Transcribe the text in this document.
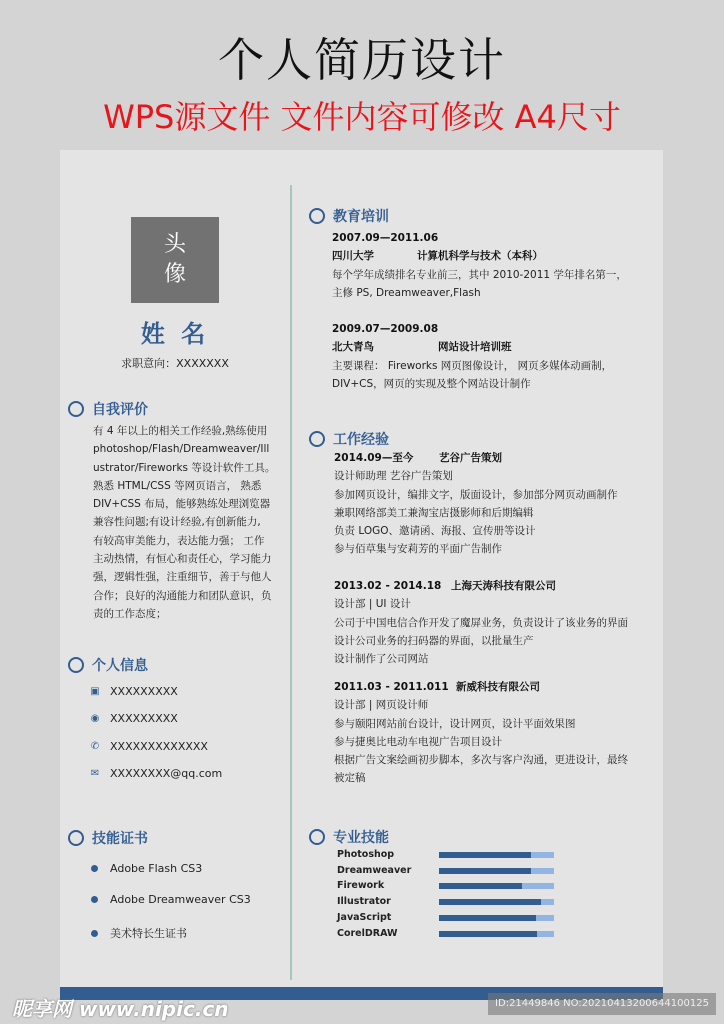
个人简历设计
WPS源文件 文件内容可修改 A4尺寸
头
像
姓 名
求职意向：XXXXXXX
自我评价
有 4 年以上的相关工作经验,熟练使用
photoshop/Flash/Dreamweaver/Ill
ustrator/Fireworks 等设计软件工具。
熟悉 HTML/CSS 等网页语言， 熟悉
DIV+CSS 布局，能够熟练处理浏览器
兼容性问题;有设计经验,有创新能力,
有较高审美能力，表达能力强； 工作
主动热情，有恒心和责任心，学习能力
强，逻辑性强，注重细节，善于与他人
合作；良好的沟通能力和团队意识，负
责的工作态度；
个人信息
▣ XXXXXXXXX
◉ XXXXXXXXX
✆ XXXXXXXXXXXXX
✉ XXXXXXXX@qq.com
技能证书
Adobe Flash CS3
Adobe Dreamweaver CS3
美术特长生证书
教育培训
2007.09—2011.06
四川大学	计算机科学与技术（本科）
每个学年成绩排名专业前三，其中 2010-2011 学年排名第一，
主修 PS, Dreamweaver,Flash
2009.07—2009.08
北大青鸟	网站设计培训班
主要课程： Fireworks 网页图像设计， 网页多媒体动画制，
DIV+CS，网页的实现及整个网站设计制作
工作经验
2014.09—至今 艺谷广告策划
设计师助理 艺谷广告策划
参加网页设计，编排文字，版面设计，参加部分网页动画制作
兼职网络部美工兼淘宝店摄影师和后期编辑
负责 LOGO、邀请函、海报、宣传册等设计
参与佰草集与安莉芳的平面广告制作
2013.02 - 2014.18 上海天涛科技有限公司
设计部 | UI 设计
公司于中国电信合作开发了魔屏业务，负责设计了该业务的界面
设计公司业务的扫码器的界面，以批量生产
设计制作了公司网站
2011.03 - 2011.011 新威科技有限公司
设计部 | 网页设计师
参与颐阳网站前台设计，设计网页，设计平面效果图
参与捷奥比电动车电视广告项目设计
根据广告文案绘画初步脚本，多次与客户沟通，更进设计，最终
被定稿
专业技能
Photoshop
Dreamweaver
Firework
Illustrator
JavaScript
CorelDRAW
昵享网 www.nipic.cn	ID:21449846 NO:20210413200644100125
